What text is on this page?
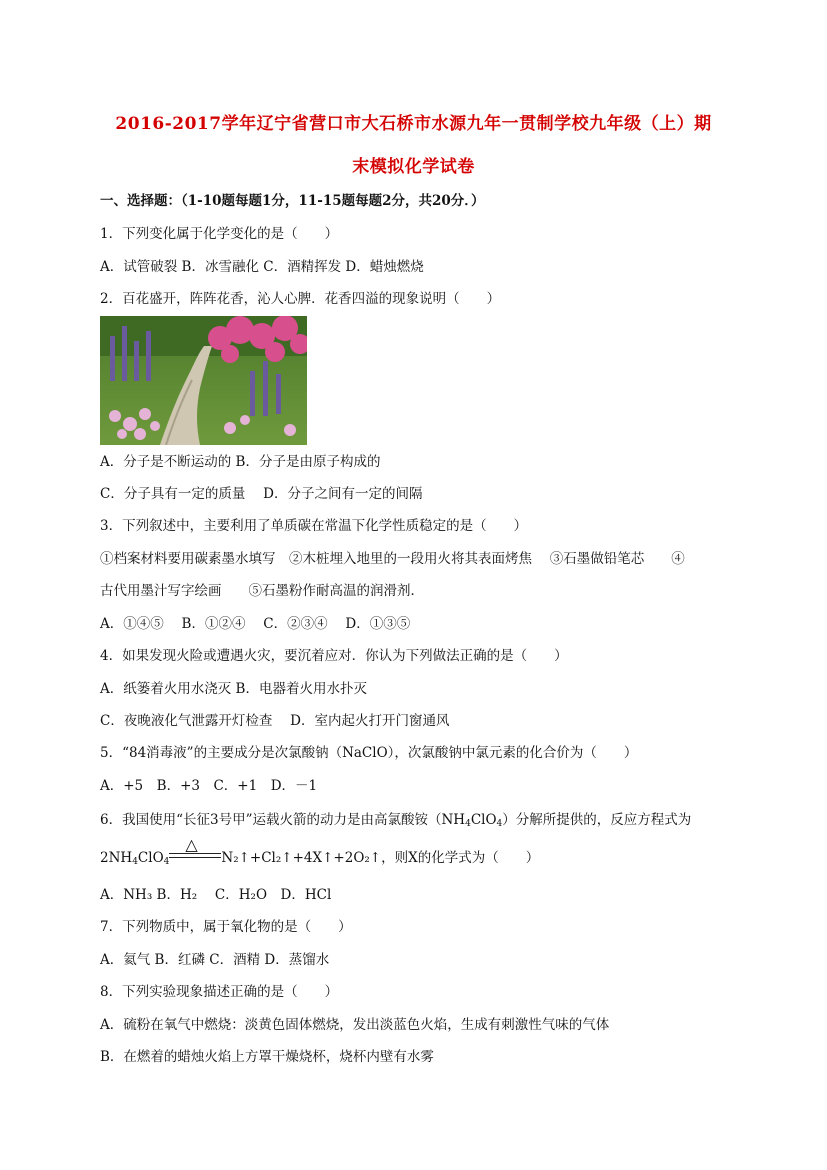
2016-2017学年辽宁省营口市大石桥市水源九年一贯制学校九年级（上）期
末模拟化学试卷
一、选择题：（1-10题每题1分，11-15题每题2分，共20分．）
1．下列变化属于化学变化的是（　　）
A．试管破裂 B．冰雪融化 C．酒精挥发 D．蜡烛燃烧
2．百花盛开，阵阵花香，沁人心脾．花香四溢的现象说明（　　）
A．分子是不断运动的 B．分子是由原子构成的
C．分子具有一定的质量　 D．分子之间有一定的间隔
3．下列叙述中，主要利用了单质碳在常温下化学性质稳定的是（　　）
①档案材料要用碳素墨水填写　②木桩埋入地里的一段用火将其表面烤焦　 ③石墨做铅笔芯　　④
古代用墨汁写字绘画　　⑤石墨粉作耐高温的润滑剂．
A．①④⑤　 B．①②④　 C．②③④　 D．①③⑤
4．如果发现火险或遭遇火灾，要沉着应对．你认为下列做法正确的是（　　）
A．纸篓着火用水浇灭 B．电器着火用水扑灭
C．夜晚液化气泄露开灯检查　 D．室内起火打开门窗通风
5．“84消毒液”的主要成分是次氯酸钠（NaClO），次氯酸钠中氯元素的化合价为（　　）
A．+5　B．+3　C．+1　D．－1
6．我国使用“长征3号甲”运载火箭的动力是由高氯酸铵$(NH_4ClO_4)$分解所提供的，反应方程式为
$2NH_4ClO_4$
△
N₂↑+Cl₂↑+4X↑+2O₂↑，则X的化学式为（　　）
A．NH₃ B．H₂　 C．H₂O　D．HCl
7．下列物质中，属于氧化物的是（　　）
A．氦气 B．红磷 C．酒精 D．蒸馏水
8．下列实验现象描述正确的是（　　）
A．硫粉在氧气中燃烧：淡黄色固体燃烧，发出淡蓝色火焰，生成有刺激性气味的气体
B．在燃着的蜡烛火焰上方罩干燥烧杯，烧杯内壁有水雾
